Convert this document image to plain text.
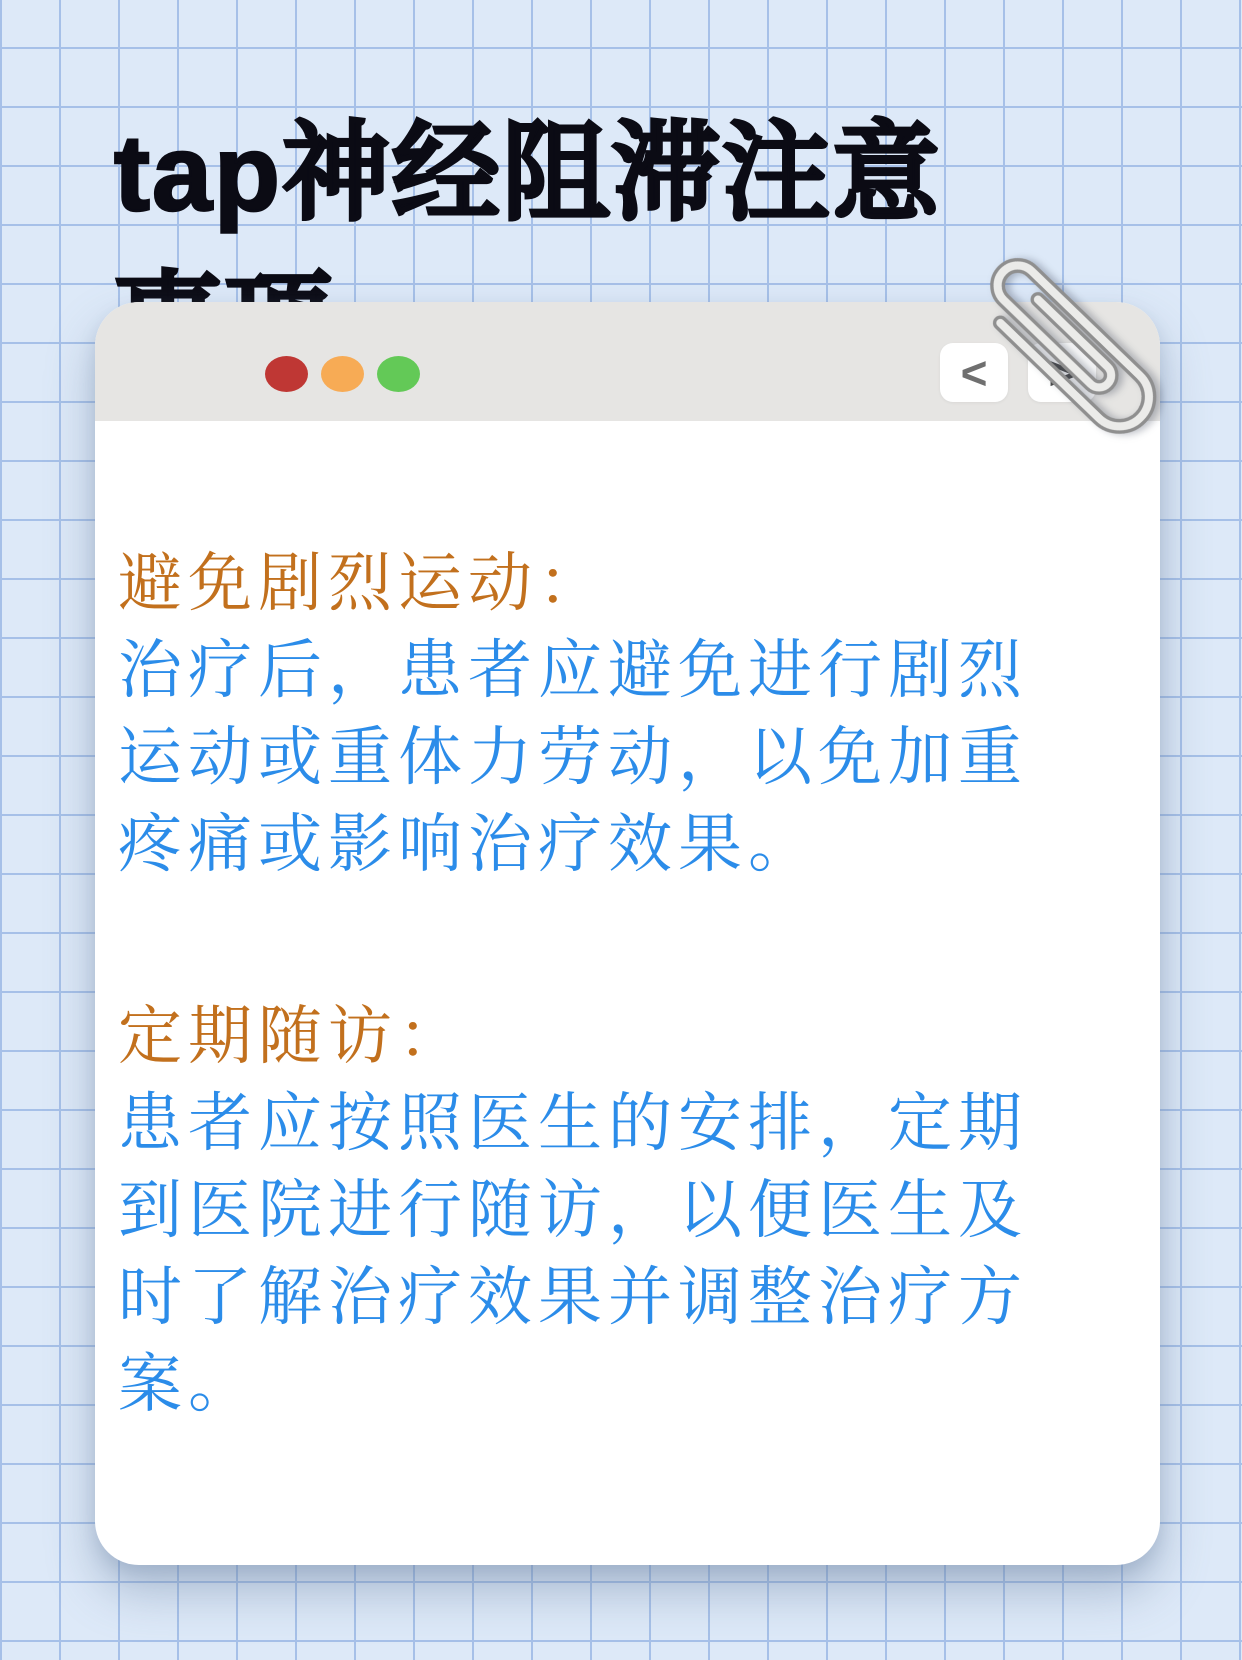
tap神经阻滞注意
>
<
避免剧烈运动：
治疗后，患者应避免进行剧烈
运动或重体力劳动，以免加重
疼痛或影响治疗效果。
定期随访：
患者应按照医生的安排，定期
到医院进行随访，以便医生及
时了解治疗效果并调整治疗方
案。
